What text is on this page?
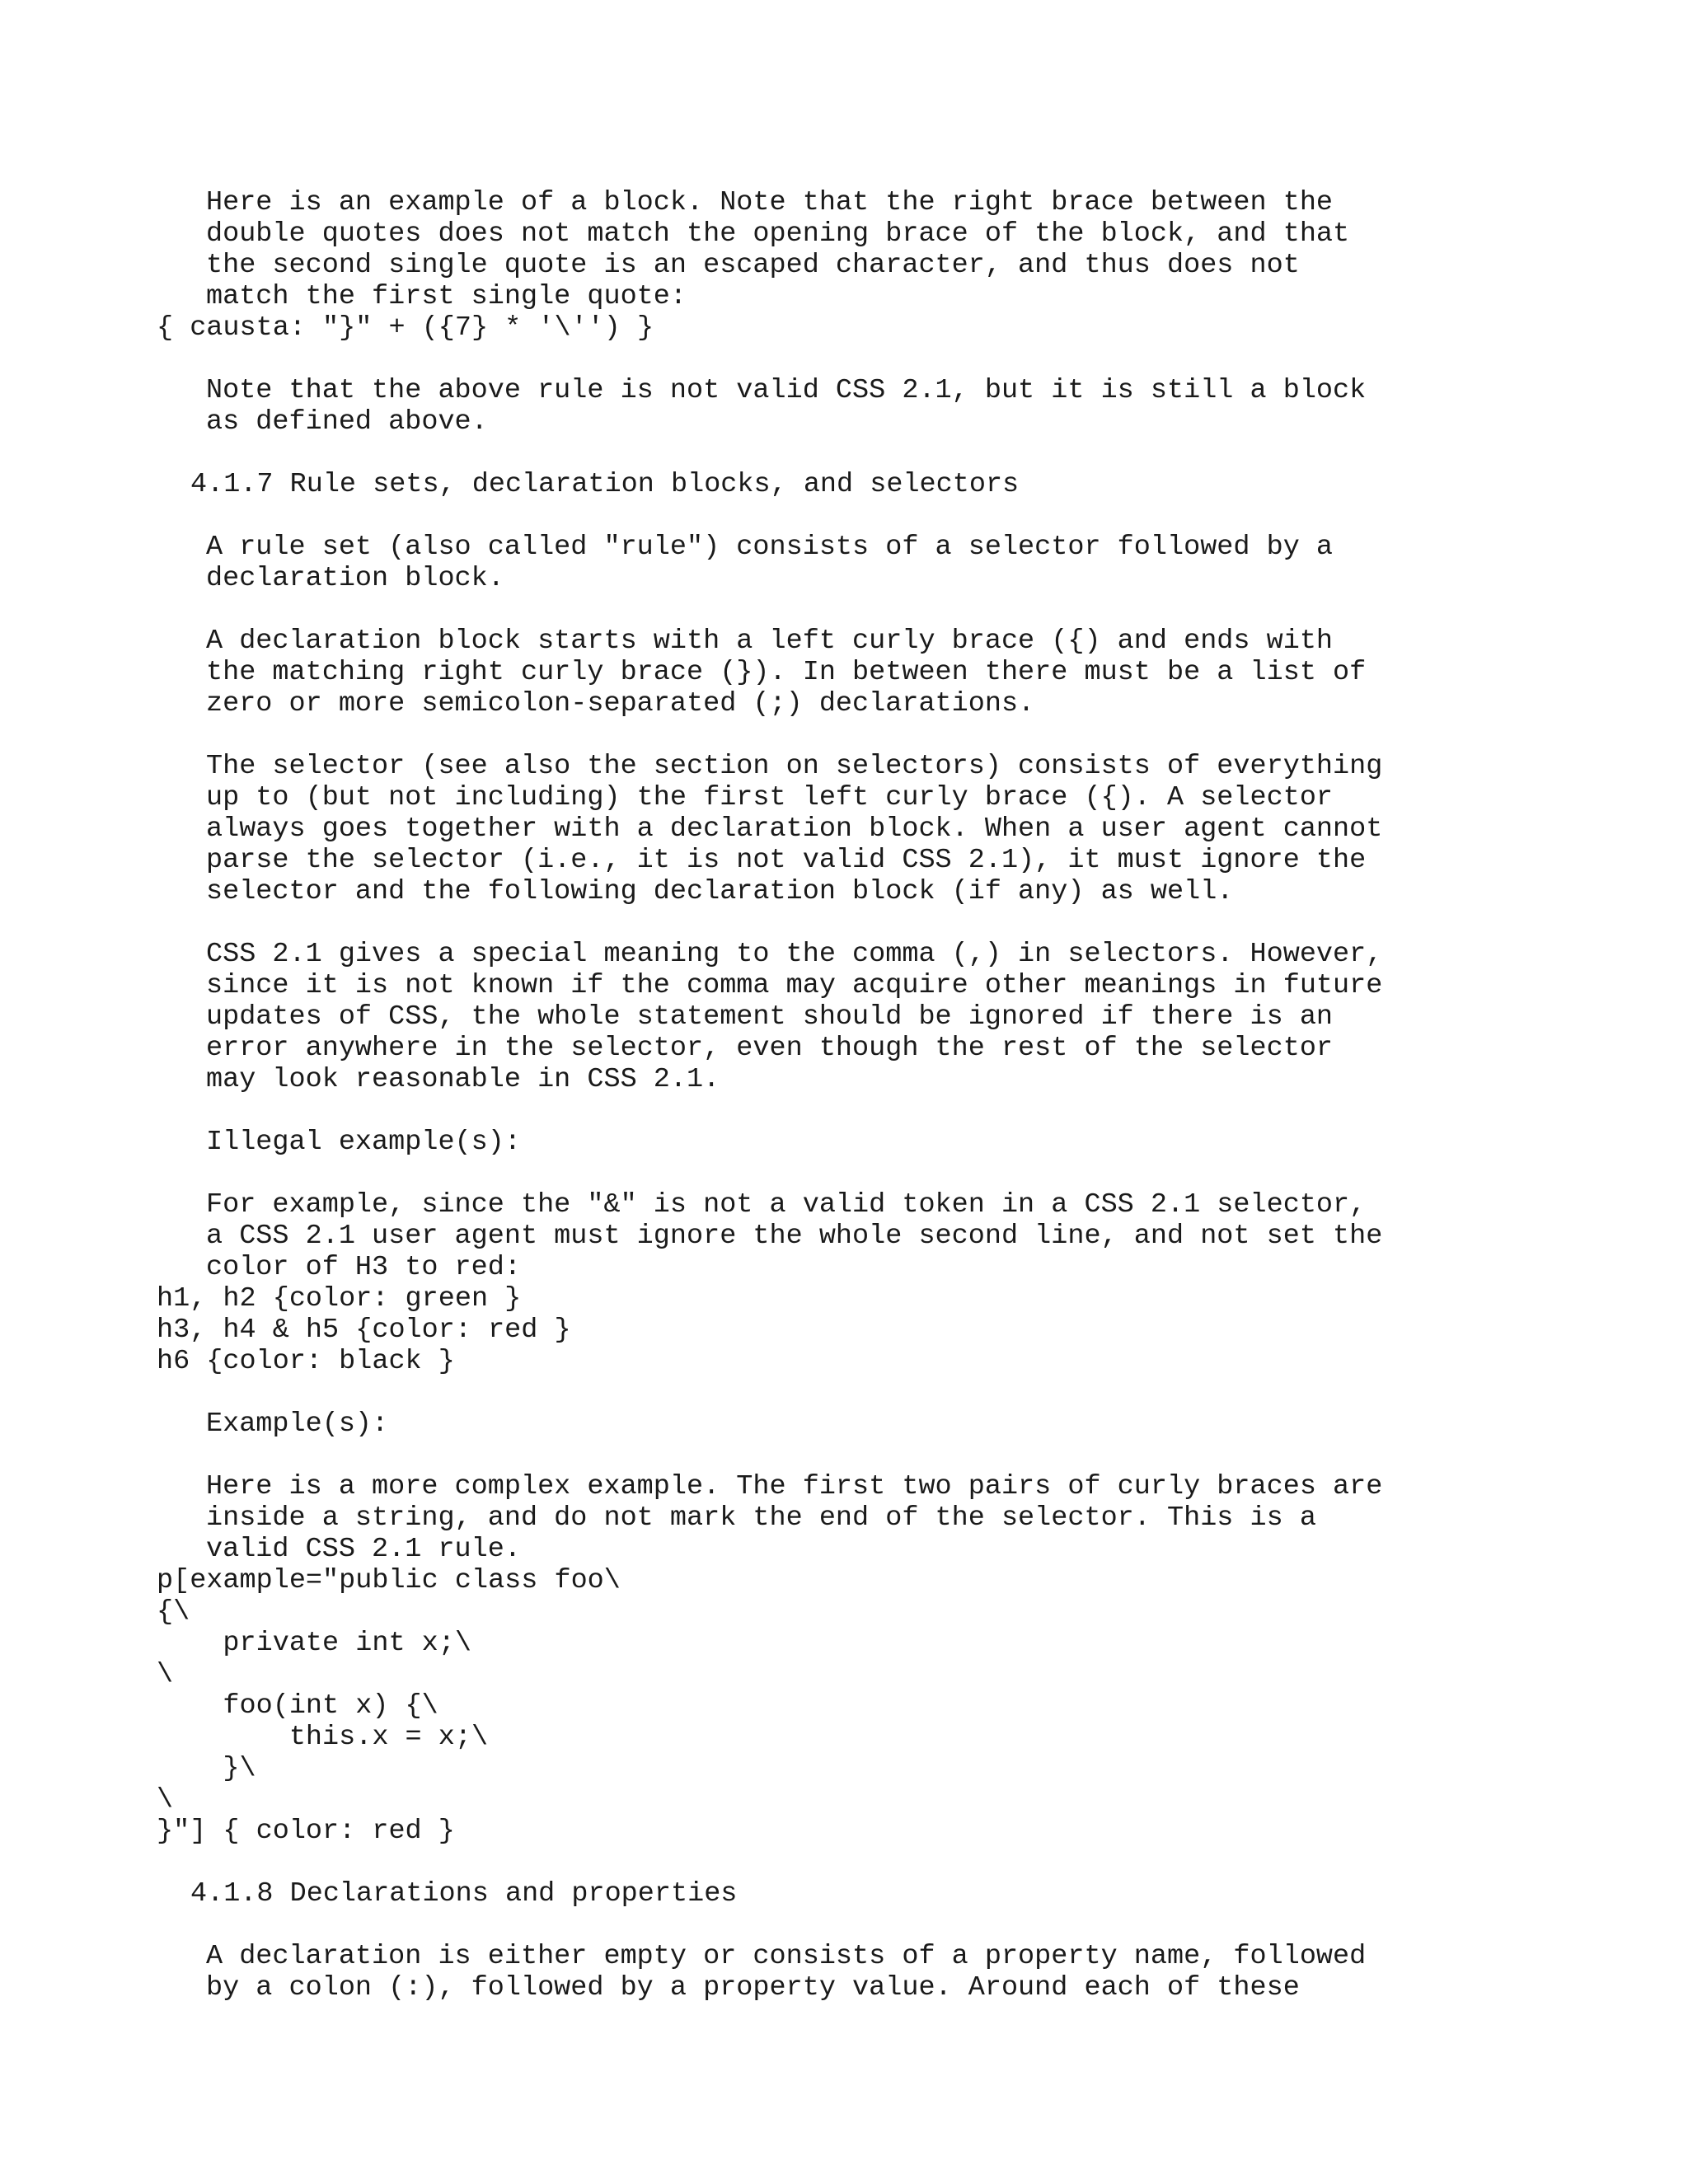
Here is an example of a block. Note that the right brace between the
double quotes does not match the opening brace of the block, and that
the second single quote is an escaped character, and thus does not
match the first single quote:
{ causta: "}" + ({7} * '\'') }
Note that the above rule is not valid CSS 2.1, but it is still a block
as defined above.
4.1.7 Rule sets, declaration blocks, and selectors
A rule set (also called "rule") consists of a selector followed by a
declaration block.
A declaration block starts with a left curly brace ({) and ends with
the matching right curly brace (}). In between there must be a list of
zero or more semicolon-separated (;) declarations.
The selector (see also the section on selectors) consists of everything
up to (but not including) the first left curly brace ({). A selector
always goes together with a declaration block. When a user agent cannot
parse the selector (i.e., it is not valid CSS 2.1), it must ignore the
selector and the following declaration block (if any) as well.
CSS 2.1 gives a special meaning to the comma (,) in selectors. However,
since it is not known if the comma may acquire other meanings in future
updates of CSS, the whole statement should be ignored if there is an
error anywhere in the selector, even though the rest of the selector
may look reasonable in CSS 2.1.
Illegal example(s):
For example, since the "&" is not a valid token in a CSS 2.1 selector,
a CSS 2.1 user agent must ignore the whole second line, and not set the
color of H3 to red:
h1, h2 {color: green }
h3, h4 & h5 {color: red }
h6 {color: black }
Example(s):
Here is a more complex example. The first two pairs of curly braces are
inside a string, and do not mark the end of the selector. This is a
valid CSS 2.1 rule.
p[example="public class foo\
{\
private int x;\
\
foo(int x) {\
this.x = x;\
}\
\
}"] { color: red }
4.1.8 Declarations and properties
A declaration is either empty or consists of a property name, followed
by a colon (:), followed by a property value. Around each of these
